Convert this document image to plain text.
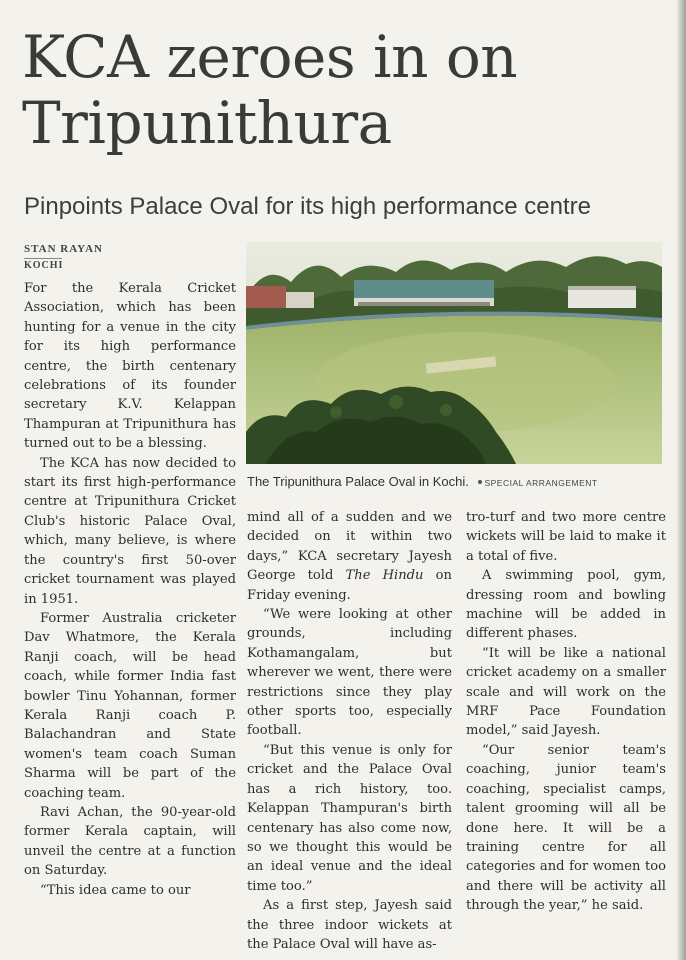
KCA zeroes in on Tripunithura

Pinpoints Palace Oval for its high performance centre

STAN RAYAN
KOCHI

For the Kerala Cricket Association, which has been hunting for a venue in the city for its high performance centre, the birth centenary celebrations of its founder secretary K.V. Kelappan Thampuran at Tripunithura has turned out to be a blessing.

The KCA has now decided to start its first high-performance centre at Tripunithura Cricket Club's historic Palace Oval, which, many believe, is where the country's first 50-over cricket tournament was played in 1951.

Former Australia cricketer Dav Whatmore, the Kerala Ranji coach, will be head coach, while former India fast bowler Tinu Yohannan, former Kerala Ranji coach P. Balachandran and State women's team coach Suman Sharma will be part of the coaching team.

Ravi Achan, the 90-year-old former Kerala captain, will unveil the centre at a function on Saturday.

“This idea came to our

The Tripunithura Palace Oval in Kochi. SPECIAL ARRANGEMENT

mind all of a sudden and we decided on it within two days,” KCA secretary Jayesh George told The Hindu on Friday evening.

“We were looking at other grounds, including Kothamangalam, but wherever we went, there were restrictions since they play other sports too, especially football.

“But this venue is only for cricket and the Palace Oval has a rich history, too. Kelappan Thampuran's birth centenary has also come now, so we thought this would be an ideal venue and the ideal time too.”

As a first step, Jayesh said the three indoor wickets at the Palace Oval will have as-

tro-turf and two more centre wickets will be laid to make it a total of five.

A swimming pool, gym, dressing room and bowling machine will be added in different phases.

“It will be like a national cricket academy on a smaller scale and will work on the MRF Pace Foundation model,” said Jayesh.

“Our senior team's coaching, junior team's coaching, specialist camps, talent grooming will all be done here. It will be a training centre for all categories and for women too and there will be activity all through the year,” he said.
